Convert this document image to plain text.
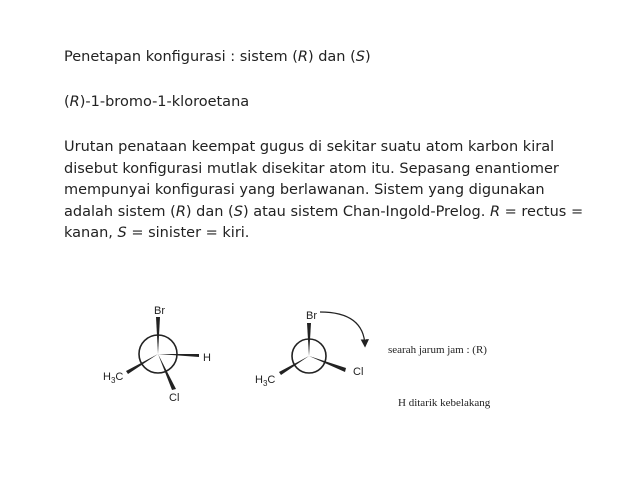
Penetapan konfigurasi : sistem (R) dan (S)

(R)-1-bromo-1-kloroetana

Urutan penataan keempat gugus di sekitar suatu atom karbon kiral
disebut konfigurasi mutlak disekitar atom itu. Sepasang enantiomer
mempunyai konfigurasi yang berlawanan. Sistem yang digunakan
adalah sistem (R) dan (S) atau sistem Chan-Ingold-Prelog. R = rectus =
kanan, S = sinister = kiri.
Br
H
$H_3C$
Cl
Br
$H_3C$
Cl
searah jarum jam : (R)
H ditarik kebelakang
